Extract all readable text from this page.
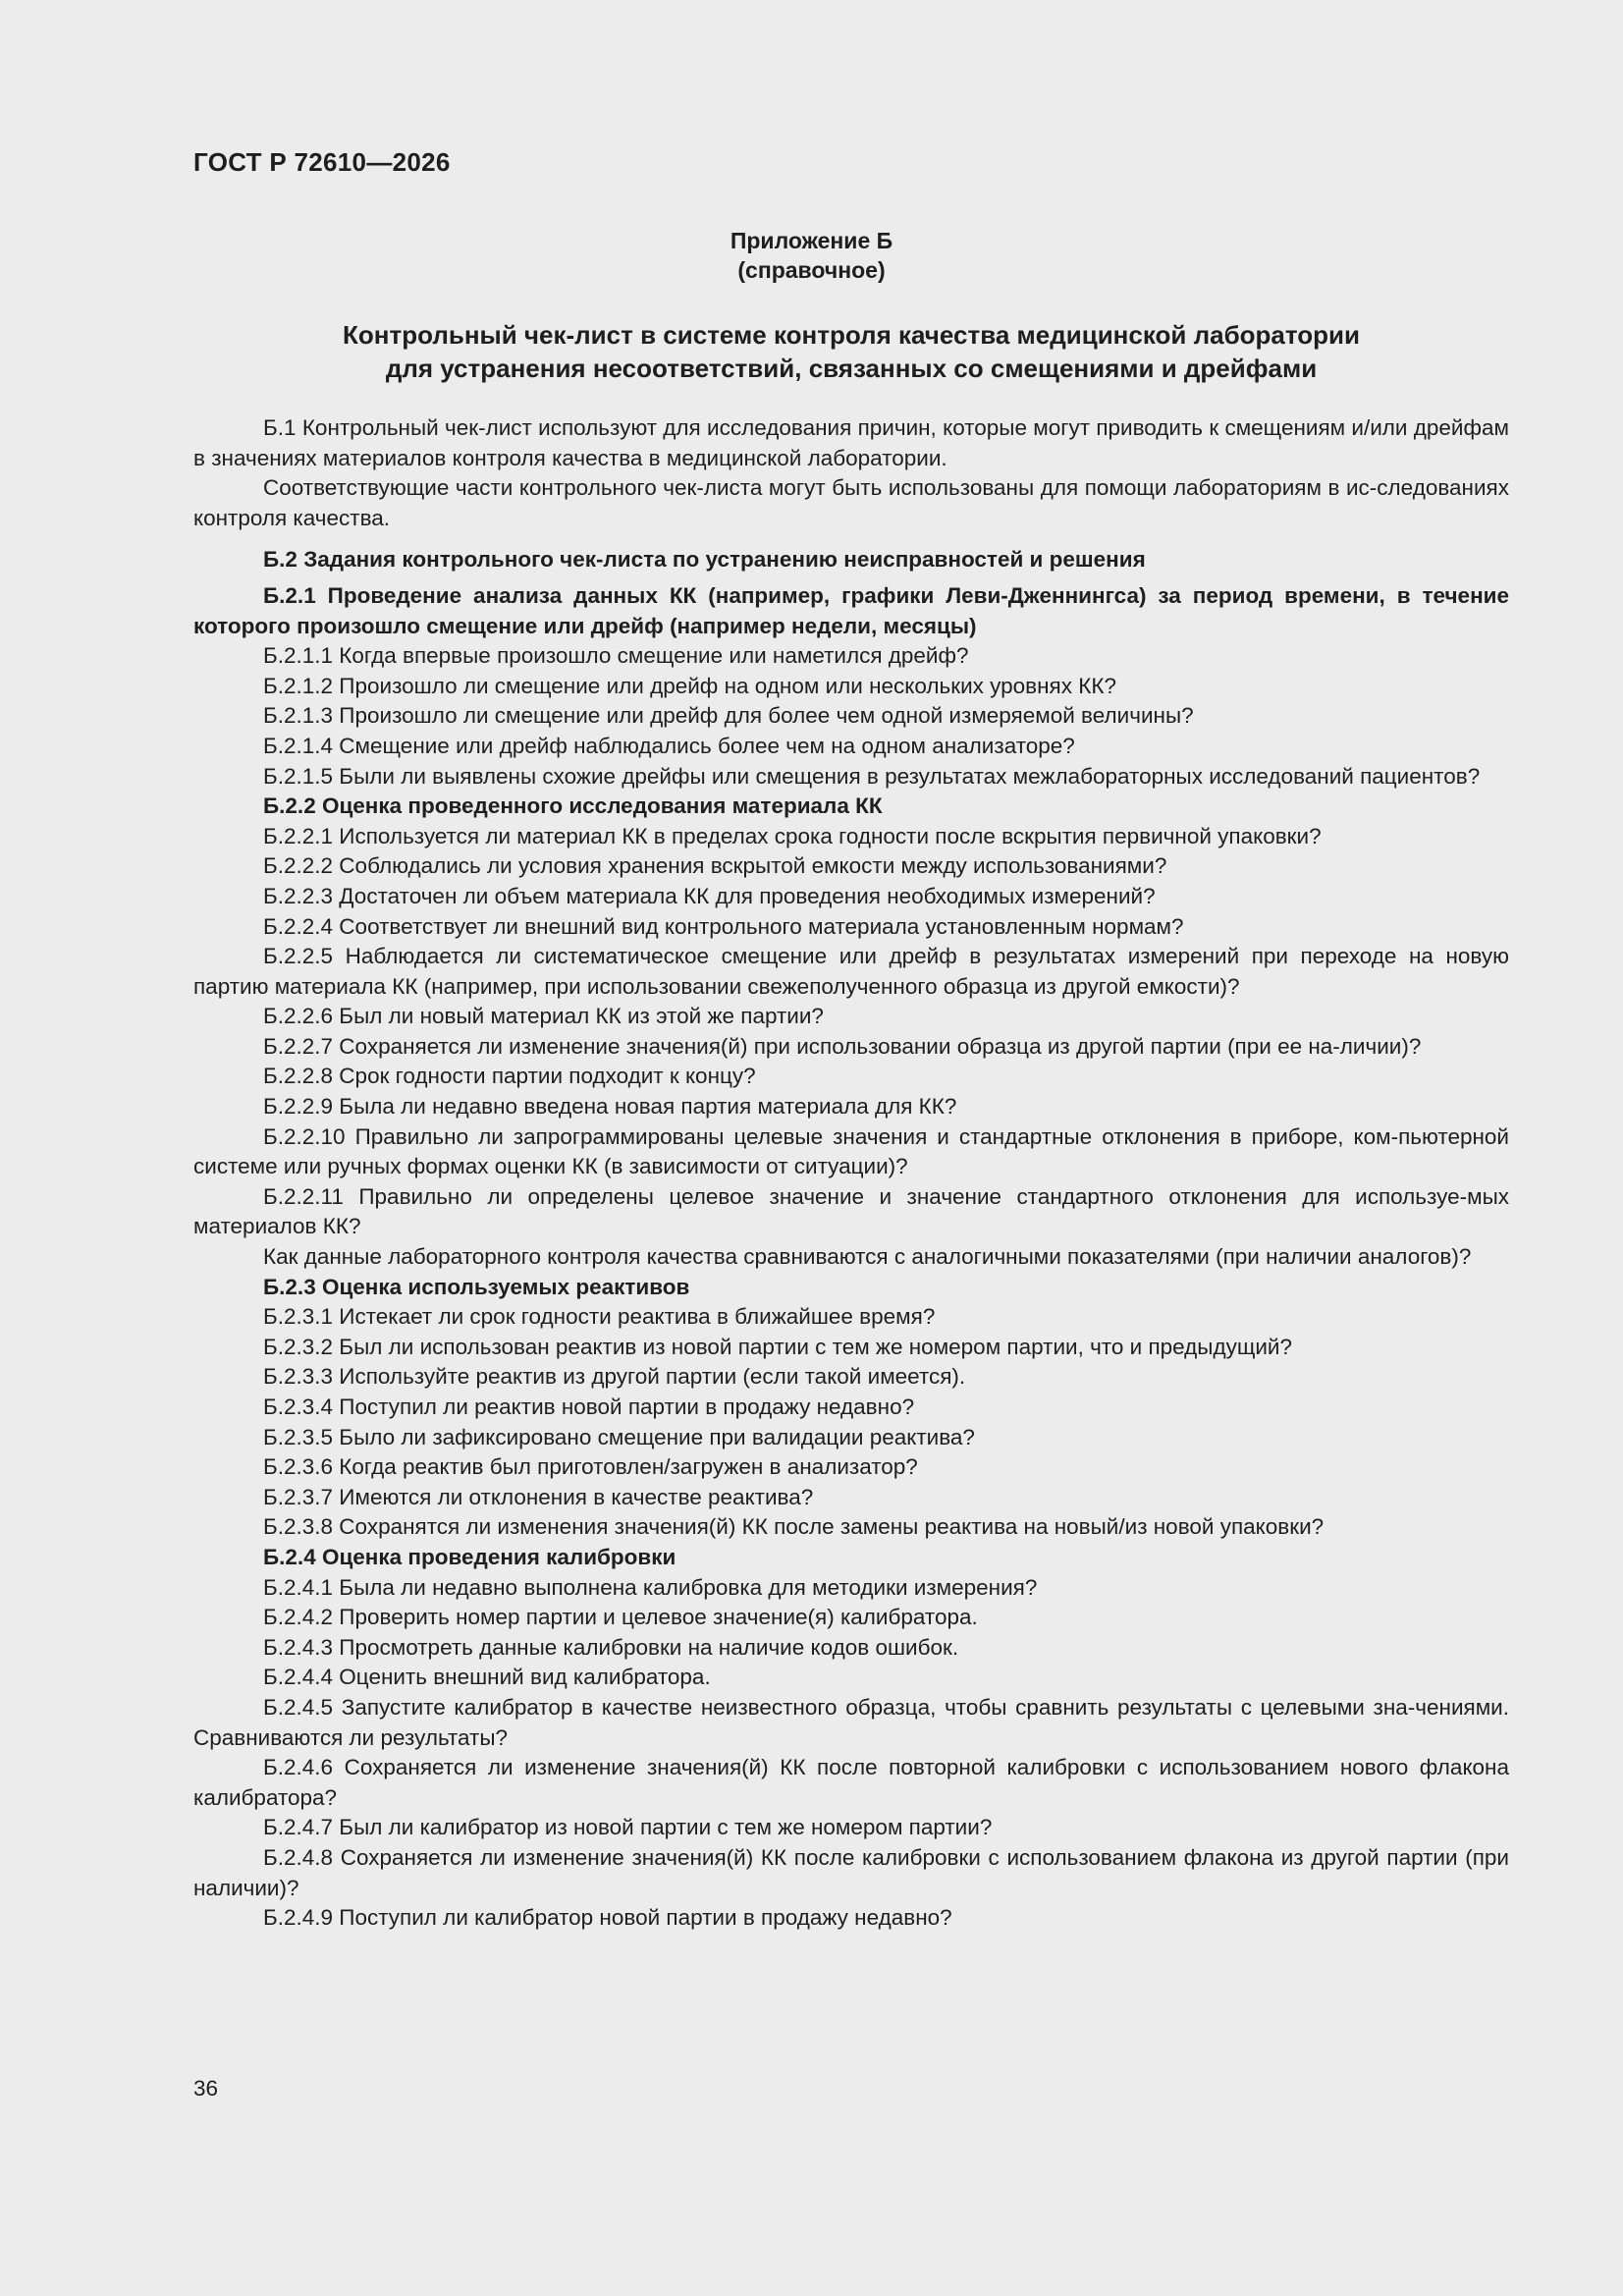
ГОСТ Р 72610—2026
Приложение Б
(справочное)
Контрольный чек-лист в системе контроля качества медицинской лаборатории
для устранения несоответствий, связанных со смещениями и дрейфами

Б.1 Контрольный чек-лист используют для исследования причин, которые могут приводить к смещениям и/или дрейфам в значениях материалов контроля качества в медицинской лаборатории.

Соответствующие части контрольного чек-листа могут быть использованы для помощи лабораториям в ис-следованиях контроля качества.

Б.2 Задания контрольного чек-листа по устранению неисправностей и решения

Б.2.1 Проведение анализа данных КК (например, графики Леви-Дженнингса) за период времени, в течение которого произошло смещение или дрейф (например недели, месяцы)

Б.2.1.1 Когда впервые произошло смещение или наметился дрейф?

Б.2.1.2 Произошло ли смещение или дрейф на одном или нескольких уровнях КК?

Б.2.1.3 Произошло ли смещение или дрейф для более чем одной измеряемой величины?

Б.2.1.4 Смещение или дрейф наблюдались более чем на одном анализаторе?

Б.2.1.5 Были ли выявлены схожие дрейфы или смещения в результатах межлабораторных исследований пациентов?

Б.2.2 Оценка проведенного исследования материала КК

Б.2.2.1 Используется ли материал КК в пределах срока годности после вскрытия первичной упаковки?

Б.2.2.2 Соблюдались ли условия хранения вскрытой емкости между использованиями?

Б.2.2.3 Достаточен ли объем материала КК для проведения необходимых измерений?

Б.2.2.4 Соответствует ли внешний вид контрольного материала установленным нормам?

Б.2.2.5 Наблюдается ли систематическое смещение или дрейф в результатах измерений при переходе на новую партию материала КК (например, при использовании свежеполученного образца из другой емкости)?

Б.2.2.6 Был ли новый материал КК из этой же партии?

Б.2.2.7 Сохраняется ли изменение значения(й) при использовании образца из другой партии (при ее на-личии)?

Б.2.2.8 Срок годности партии подходит к концу?

Б.2.2.9 Была ли недавно введена новая партия материала для КК?

Б.2.2.10 Правильно ли запрограммированы целевые значения и стандартные отклонения в приборе, ком-пьютерной системе или ручных формах оценки КК (в зависимости от ситуации)?

Б.2.2.11 Правильно ли определены целевое значение и значение стандартного отклонения для используе-мых материалов КК?

Как данные лабораторного контроля качества сравниваются с аналогичными показателями (при наличии аналогов)?

Б.2.3 Оценка используемых реактивов

Б.2.3.1 Истекает ли срок годности реактива в ближайшее время?

Б.2.3.2 Был ли использован реактив из новой партии с тем же номером партии, что и предыдущий?

Б.2.3.3 Используйте реактив из другой партии (если такой имеется).

Б.2.3.4 Поступил ли реактив новой партии в продажу недавно?

Б.2.3.5 Было ли зафиксировано смещение при валидации реактива?

Б.2.3.6 Когда реактив был приготовлен/загружен в анализатор?

Б.2.3.7 Имеются ли отклонения в качестве реактива?

Б.2.3.8 Сохранятся ли изменения значения(й) КК после замены реактива на новый/из новой упаковки?

Б.2.4 Оценка проведения калибровки

Б.2.4.1 Была ли недавно выполнена калибровка для методики измерения?

Б.2.4.2 Проверить номер партии и целевое значение(я) калибратора.

Б.2.4.3 Просмотреть данные калибровки на наличие кодов ошибок.

Б.2.4.4 Оценить внешний вид калибратора.

Б.2.4.5 Запустите калибратор в качестве неизвестного образца, чтобы сравнить результаты с целевыми зна-чениями. Сравниваются ли результаты?

Б.2.4.6 Сохраняется ли изменение значения(й) КК после повторной калибровки с использованием нового флакона калибратора?

Б.2.4.7 Был ли калибратор из новой партии с тем же номером партии?

Б.2.4.8 Сохраняется ли изменение значения(й) КК после калибровки с использованием флакона из другой партии (при наличии)?

Б.2.4.9 Поступил ли калибратор новой партии в продажу недавно?

36
